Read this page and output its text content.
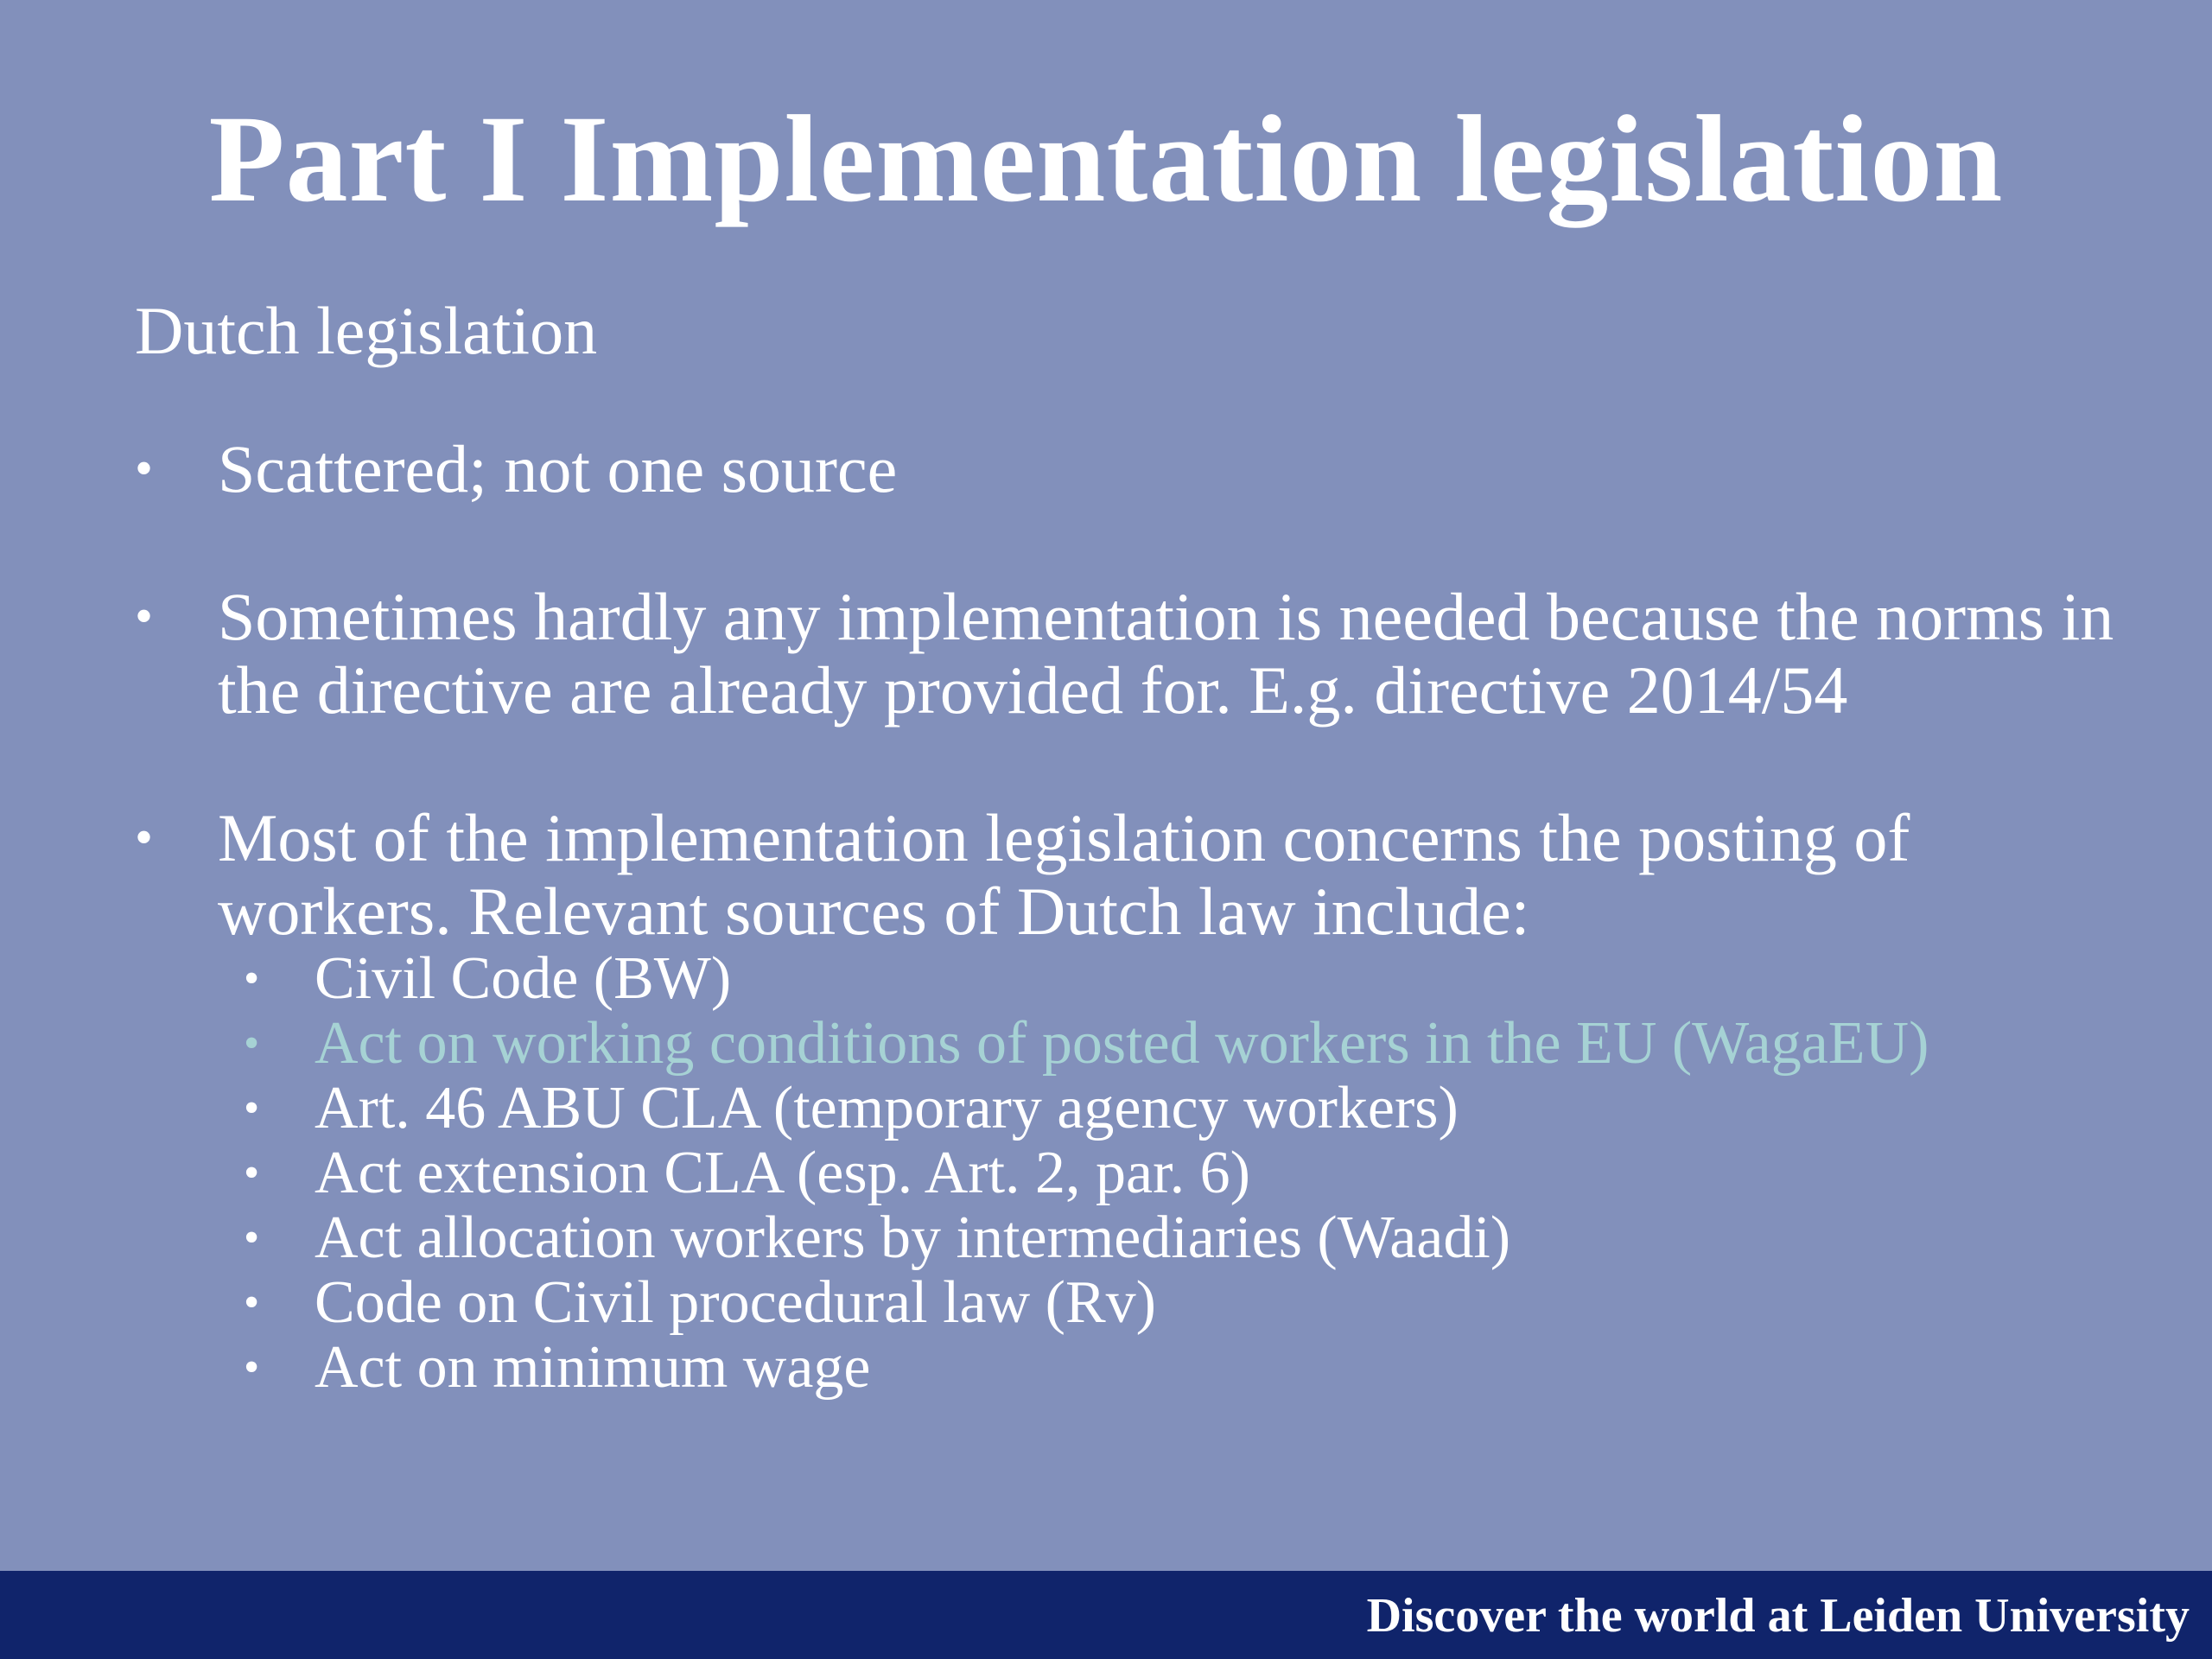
Part I Implementation legislation
Dutch legislation
• Scattered; not one source
• Sometimes hardly any implementation is needed because the norms in the directive are already provided for. E.g. directive 2014/54
• Most of the implementation legislation concerns the posting of workers. Relevant sources of Dutch law include:
• Civil Code (BW)
• Act on working conditions of posted workers in the EU (WagaEU)
• Art. 46 ABU CLA (temporary agency workers)
• Act extension CLA (esp. Art. 2, par. 6)
• Act allocation workers by intermediaries (Waadi)
• Code on Civil procedural law (Rv)
• Act on minimum wage
Discover the world at Leiden University
